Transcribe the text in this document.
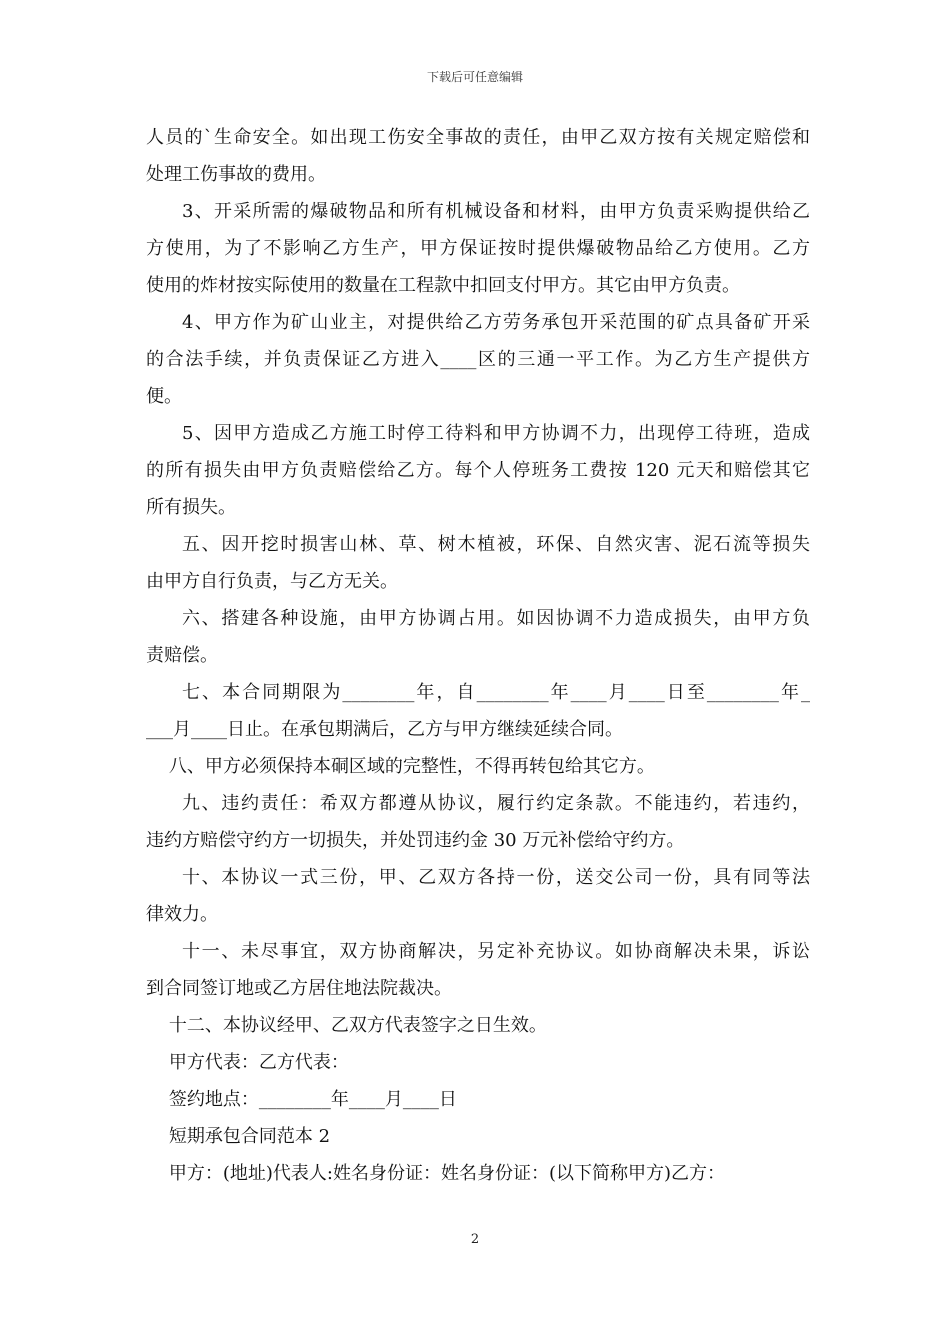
下载后可任意编辑
人员的`生命安全。如出现工伤安全事故的责任，由甲乙双方按有关规定赔偿和
处理工伤事故的费用。
3、开采所需的爆破物品和所有机械设备和材料，由甲方负责采购提供给乙
方使用，为了不影响乙方生产，甲方保证按时提供爆破物品给乙方使用。乙方
使用的炸材按实际使用的数量在工程款中扣回支付甲方。其它由甲方负责。
4、甲方作为矿山业主，对提供给乙方劳务承包开采范围的矿点具备矿开采
的合法手续，并负责保证乙方进入____区的三通一平工作。为乙方生产提供方
便。
5、因甲方造成乙方施工时停工待料和甲方协调不力，出现停工待班，造成
的所有损失由甲方负责赔偿给乙方。每个人停班务工费按 120 元天和赔偿其它
所有损失。
五、因开挖时损害山林、草、树木植被，环保、自然灾害、泥石流等损失
由甲方自行负责，与乙方无关。
六、搭建各种设施，由甲方协调占用。如因协调不力造成损失，由甲方负
责赔偿。
七、本合同期限为________年，自________年____月____日至________年_
___月____日止。在承包期满后，乙方与甲方继续延续合同。
八、甲方必须保持本硐区域的完整性，不得再转包给其它方。
九、违约责任：希双方都遵从协议，履行约定条款。不能违约，若违约，
违约方赔偿守约方一切损失，并处罚违约金 30 万元补偿给守约方。
十、本协议一式三份，甲、乙双方各持一份，送交公司一份，具有同等法
律效力。
十一、未尽事宜，双方协商解决，另定补充协议。如协商解决未果，诉讼
到合同签订地或乙方居住地法院裁决。
十二、本协议经甲、乙双方代表签字之日生效。
甲方代表：乙方代表：
签约地点：________年____月____日
短期承包合同范本 2
甲方：(地址)代表人:姓名身份证：姓名身份证：(以下简称甲方)乙方：
2
